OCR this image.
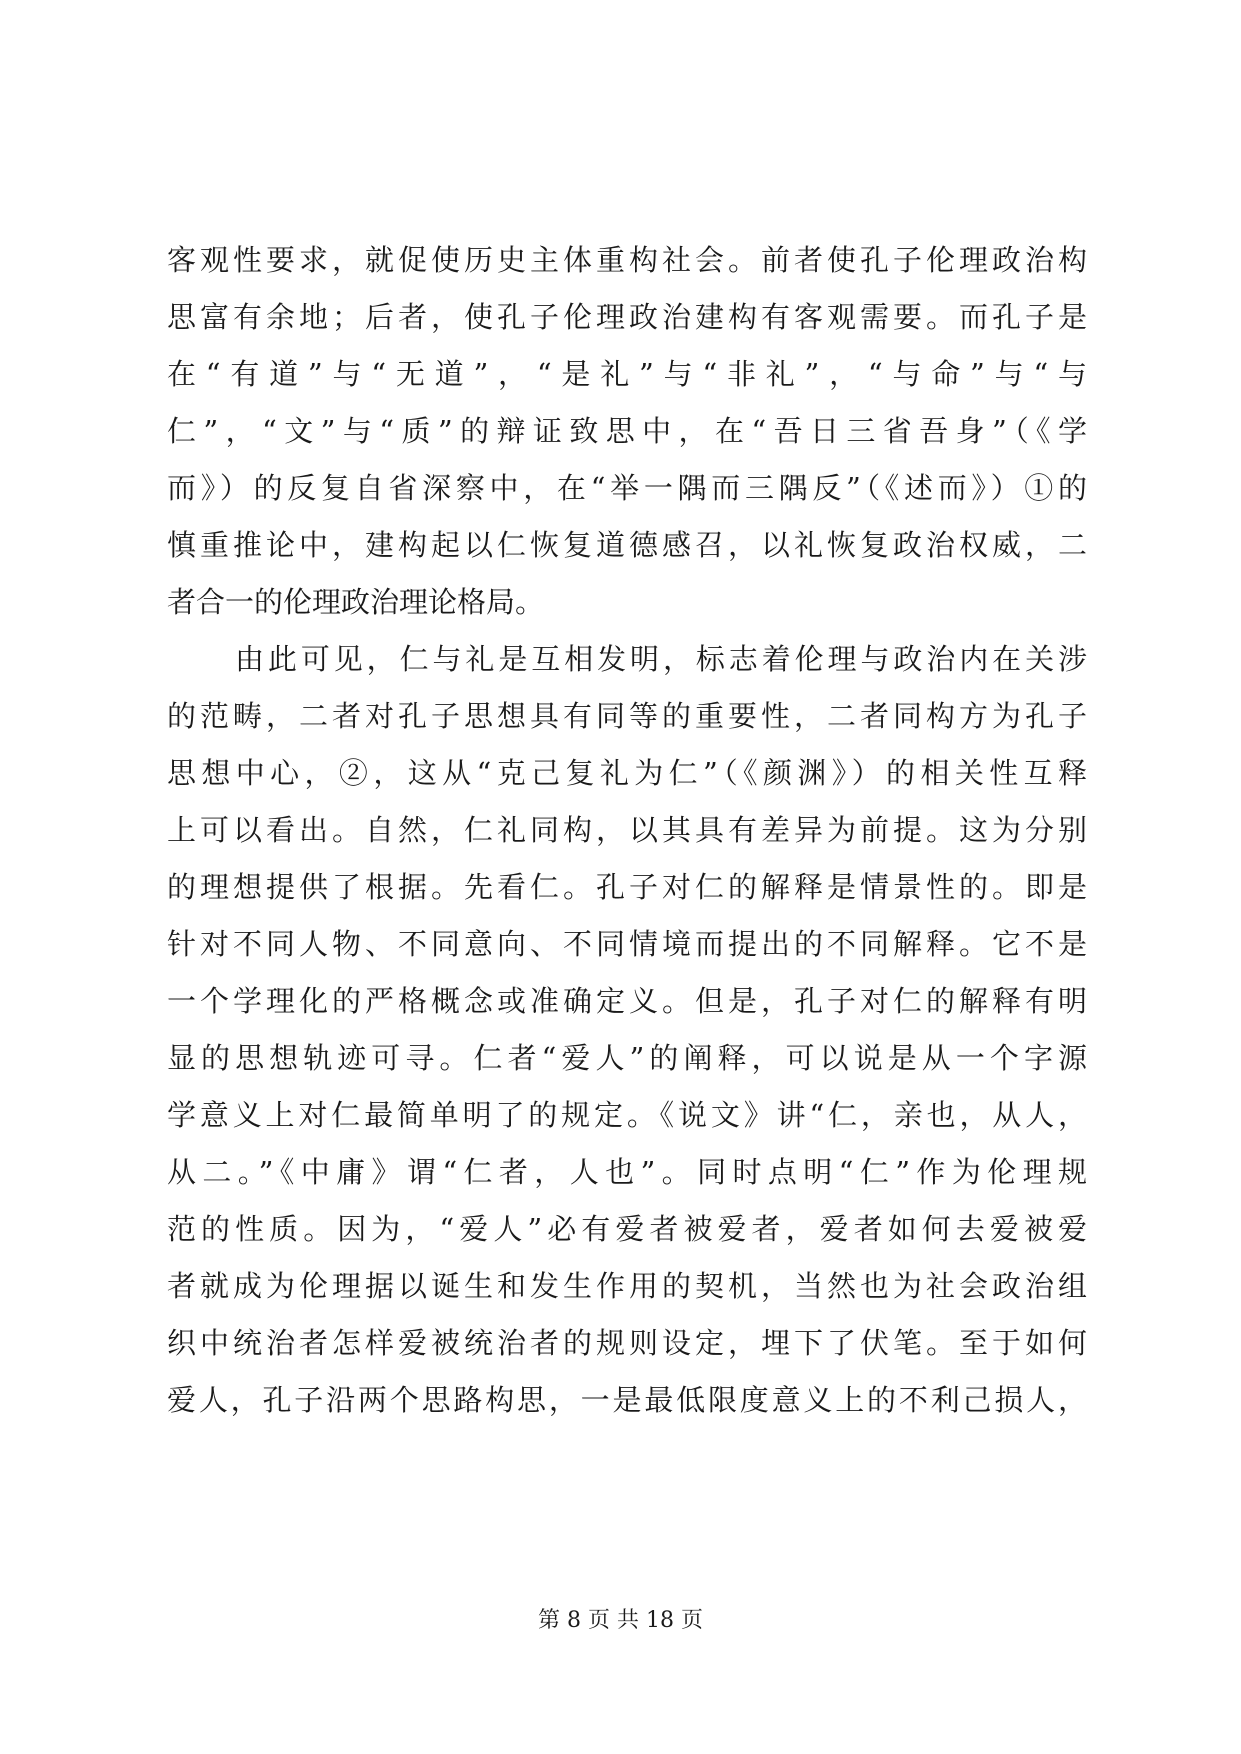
客观性要求，就促使历史主体重构社会。前者使孔子伦理政治构
思富有余地；后者，使孔子伦理政治建构有客观需要。而孔子是
在“有道”与“无道”，“是礼”与“非礼”，“与命”与“与
仁”，“文”与“质”的辩证致思中，在“吾日三省吾身”（《学
而》）的反复自省深察中，在“举一隅而三隅反”（《述而》）①的
慎重推论中，建构起以仁恢复道德感召，以礼恢复政治权威，二
者合一的伦理政治理论格局。
由此可见，仁与礼是互相发明，标志着伦理与政治内在关涉
的范畴，二者对孔子思想具有同等的重要性，二者同构方为孔子
思想中心，②，这从“克己复礼为仁”（《颜渊》）的相关性互释
上可以看出。自然，仁礼同构，以其具有差异为前提。这为分别
的理想提供了根据。先看仁。孔子对仁的解释是情景性的。即是
针对不同人物、不同意向、不同情境而提出的不同解释。它不是
一个学理化的严格概念或准确定义。但是，孔子对仁的解释有明
显的思想轨迹可寻。仁者“爱人”的阐释，可以说是从一个字源
学意义上对仁最简单明了的规定。《说文》讲“仁，亲也，从人，
从二。”《中庸》谓“仁者，人也”。同时点明“仁”作为伦理规
范的性质。因为，“爱人”必有爱者被爱者，爱者如何去爱被爱
者就成为伦理据以诞生和发生作用的契机，当然也为社会政治组
织中统治者怎样爱被统治者的规则设定，埋下了伏笔。至于如何
爱人，孔子沿两个思路构思，一是最低限度意义上的不利己损人，
第 8 页 共 18 页
